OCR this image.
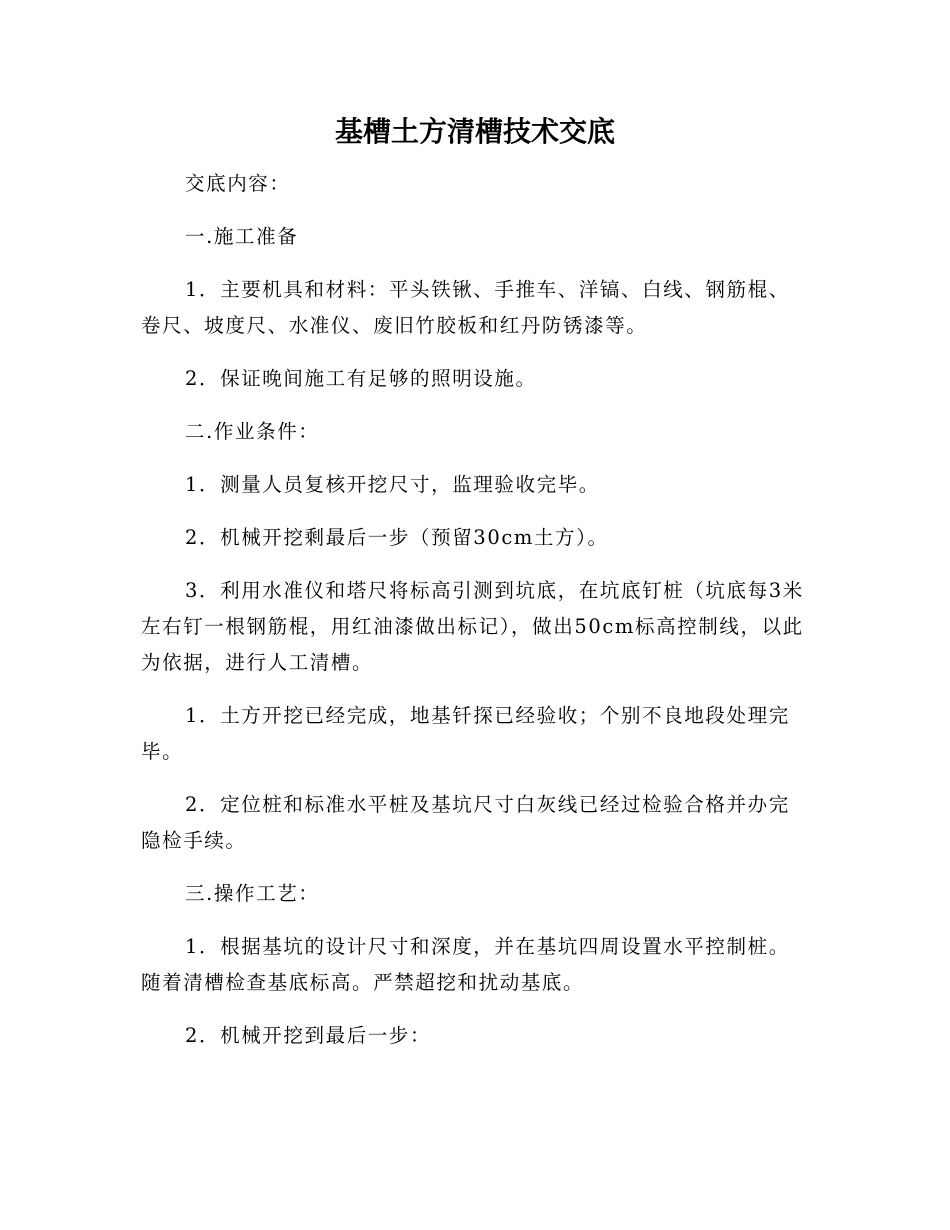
基槽土方清槽技术交底

交底内容：

一.施工准备

1．主要机具和材料：平头铁锹、手推车、洋镐、白线、钢筋棍、卷尺、坡度尺、水准仪、废旧竹胶板和红丹防锈漆等。

2．保证晚间施工有足够的照明设施。

二.作业条件：

1．测量人员复核开挖尺寸，监理验收完毕。

2．机械开挖剩最后一步（预留30cm土方）。

3．利用水准仪和塔尺将标高引测到坑底，在坑底钉桩（坑底每3米左右钉一根钢筋棍，用红油漆做出标记），做出50cm标高控制线，以此为依据，进行人工清槽。

1．土方开挖已经完成，地基钎探已经验收；个别不良地段处理完毕。

2．定位桩和标准水平桩及基坑尺寸白灰线已经过检验合格并办完隐检手续。

三.操作工艺：

1．根据基坑的设计尺寸和深度，并在基坑四周设置水平控制桩。随着清槽检查基底标高。严禁超挖和扰动基底。

2．机械开挖到最后一步：
